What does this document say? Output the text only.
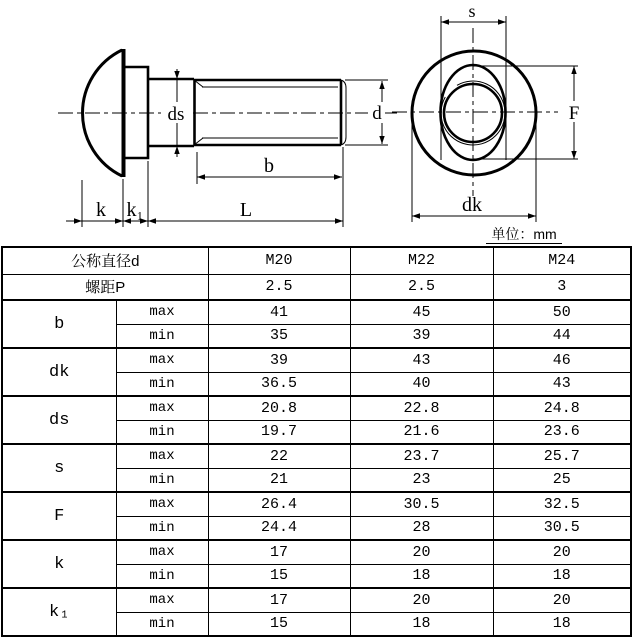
ds	d
b
k k₁	L
s
F
dk
单位：mm
公称直径d		M20	M22	M24
螺距P		2.5	2.5	3
b	max	41	45	50
	min	35	39	44
dk	max	39	43	46
	min	36.5	40	43
ds	max	20.8	22.8	24.8
	min	19.7	21.6	23.6
s	max	22	23.7	25.7
	min	21	23	25
F	max	26.4	30.5	32.5
	min	24.4	28	30.5
k	max	17	20	20
	min	15	18	18
k₁	max	17	20	20
	min	15	18	18
